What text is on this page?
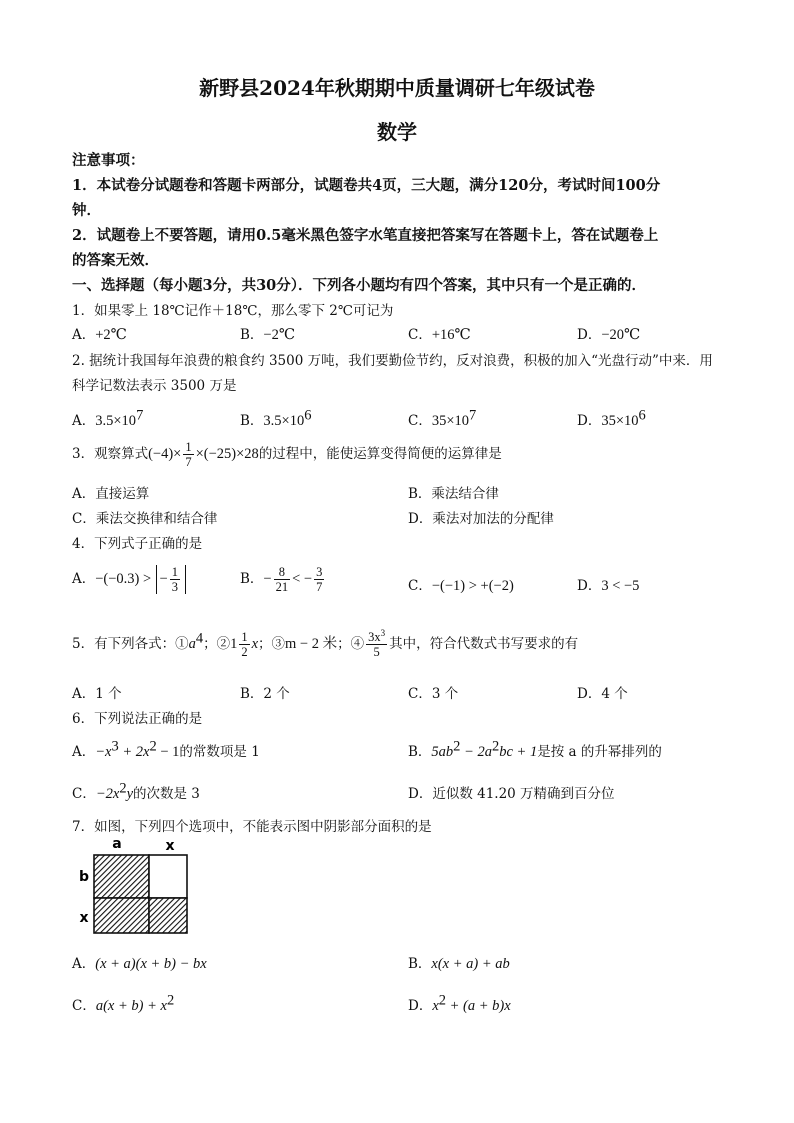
新野县2024年秋期期中质量调研七年级试卷
数学
注意事项：
1．本试卷分试题卷和答题卡两部分，试题卷共4页，三大题，满分120分，考试时间100分
钟．
2．试题卷上不要答题，请用0.5毫米黑色签字水笔直接把答案写在答题卡上，答在试题卷上
的答案无效．
一、选择题（每小题3分，共30分）．下列各小题均有四个答案，其中只有一个是正确的．
1．如果零上 18℃记作＋18℃，那么零下 2℃可记为
A．+2℃	B．−2℃	C．+16℃	D．−20℃
2. 据统计我国每年浪费的粮食约 3500 万吨，我们要勤俭节约，反对浪费，积极的加入“光盘行动”中来．用
科学记数法表示 3500 万是
A．$3.5\times 10^7$	B．$3.5\times 10^6$	C．$35\times 10^7$	D．$35\times 10^6$
3．观察算式$(-4)\times \frac{1}{7} \times(-25)\times 28$的过程中，能使运算变得简便的运算律是
A．直接运算	B．乘法结合律
C．乘法交换律和结合律	D．乘法对加法的分配律
4．下列式子正确的是
A．−(−0.3) > − $\frac{1}{3}$	B．− $\frac{8}{21}$ < − $\frac{3}{7}$	C．−(−1) > +(−2)	D．3 < −5
5．有下列各式：$①a^4$；②1 $\frac{1}{2}$ x；③m − 2 米；④ $\frac{3x^3}{5}$ 其中，符合代数式书写要求的有
A．1 个	B．2 个	C．3 个	D．4 个
6．下列说法正确的是
A．$-x^3 + 2x^2 - 1$的常数项是 1	B．$5ab^2 - 2a^2bc + 1$是按 a 的升幂排列的
C．$-2x^2y$的次数是 3	D．近似数 41.20 万精确到百分位
7．如图，下列四个选项中，不能表示图中阴影部分面积的是
a	x
b
x
A．(x + a)(x + b) − bx	B．x(x + a) + ab
C．$a(x + b) + x^2$	D．$x^2 + (a + b)x$
